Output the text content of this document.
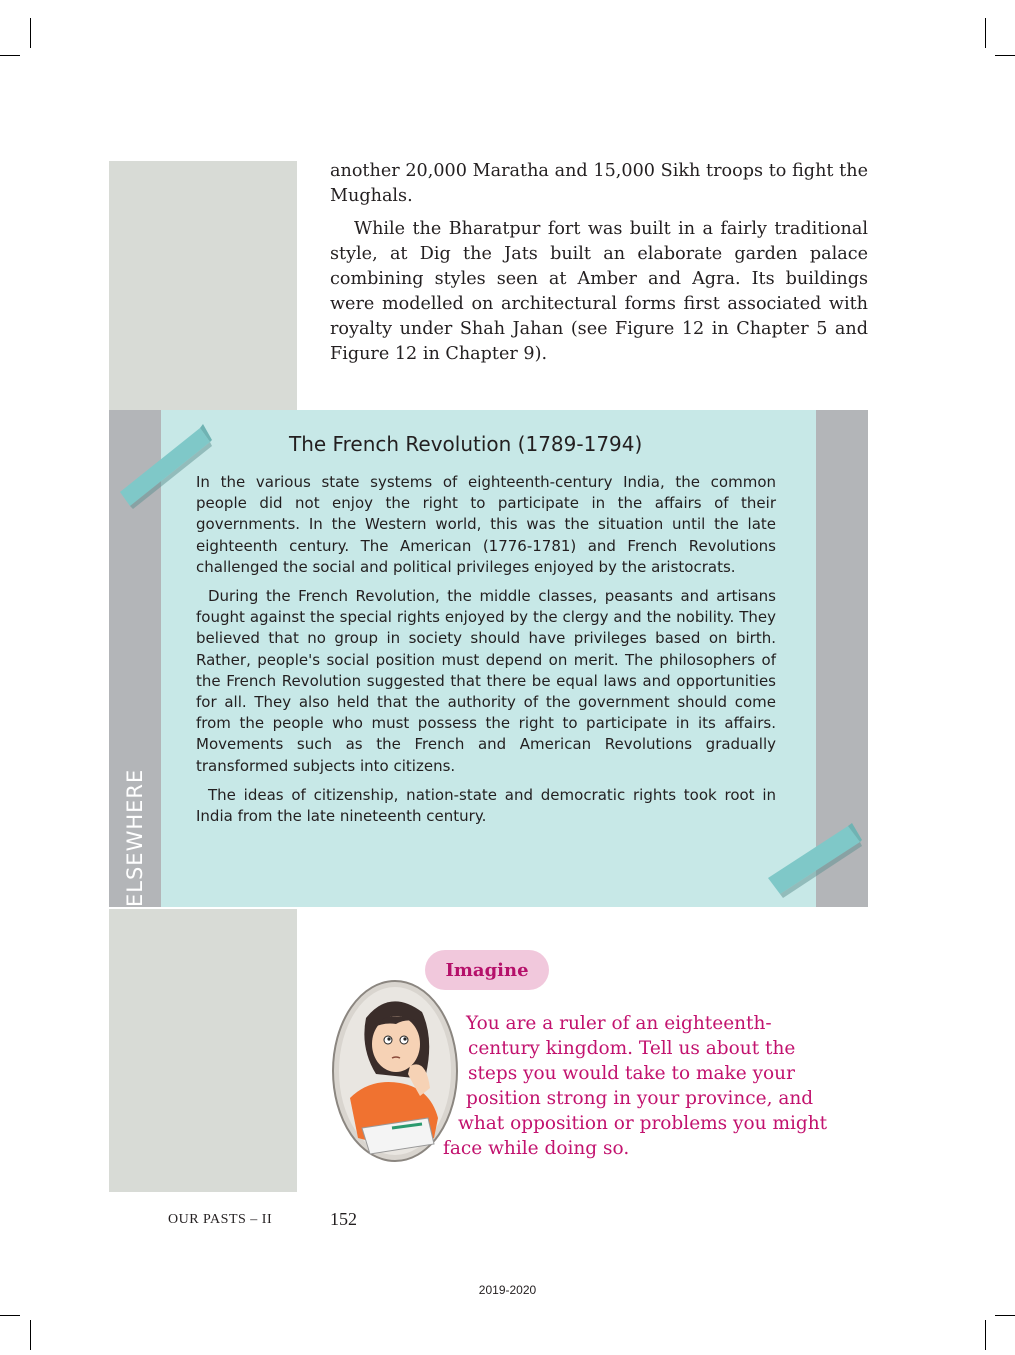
another 20,000 Maratha and 15,000 Sikh troops to fight the Mughals.

While the Bharatpur fort was built in a fairly traditional style, at Dig the Jats built an elaborate garden palace combining styles seen at Amber and Agra. Its buildings were modelled on architectural forms first associated with royalty under Shah Jahan (see Figure 12 in Chapter 5 and Figure 12 in Chapter 9).

ELSEWHERE
The French Revolution (1789-1794)

In the various state systems of eighteenth-century India, the common people did not enjoy the right to participate in the affairs of their governments. In the Western world, this was the situation until the late eighteenth century. The American (1776-1781) and French Revolutions challenged the social and political privileges enjoyed by the aristocrats.

During the French Revolution, the middle classes, peasants and artisans fought against the special rights enjoyed by the clergy and the nobility. They believed that no group in society should have privileges based on birth. Rather, people's social position must depend on merit. The philosophers of the French Revolution suggested that there be equal laws and opportunities for all. They also held that the authority of the government should come from the people who must possess the right to participate in its affairs. Movements such as the French and American Revolutions gradually transformed subjects into citizens.

The ideas of citizenship, nation-state and democratic rights took root in India from the late nineteenth century.

Imagine

You are a ruler of an eighteenth-

century kingdom. Tell us about the

steps you would take to make your

position strong in your province, and

what opposition or problems you might

face while doing so.

OUR PASTS – II	152
2019-2020
